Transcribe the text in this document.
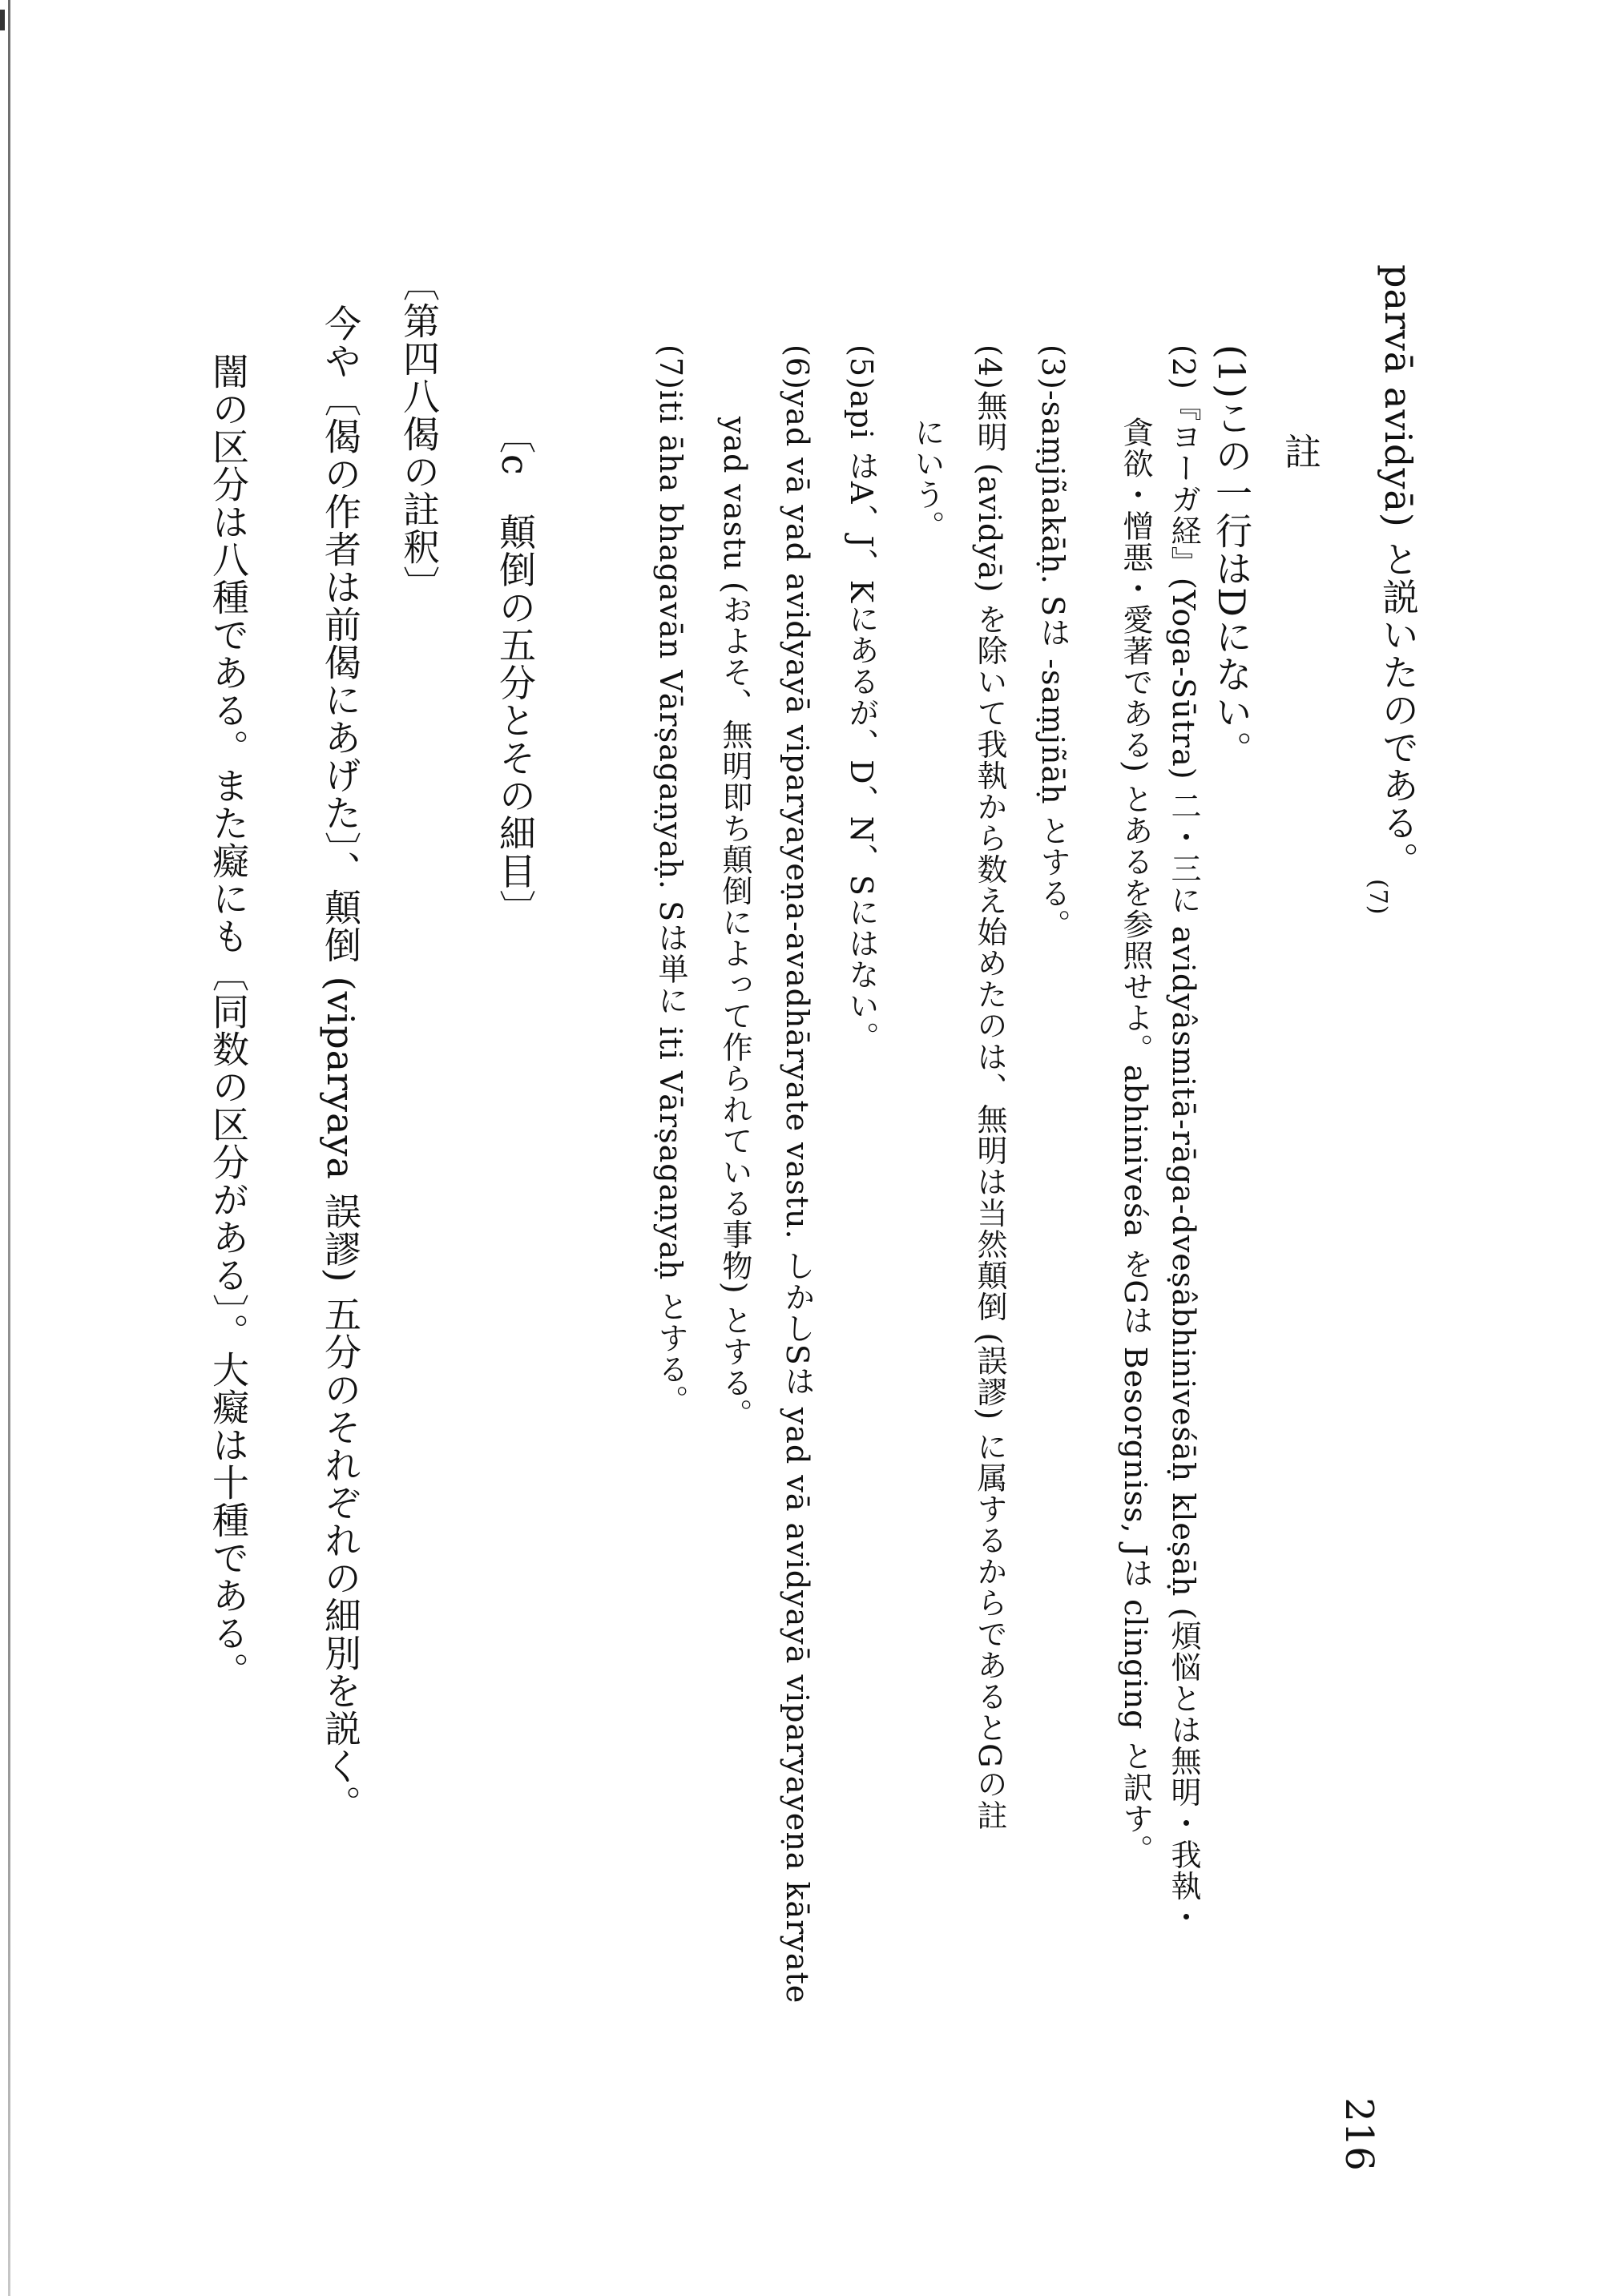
parvā avidyā) と説いたのである。(7)
註
(1)この一行はDにない。
(2)『ヨーガ経』(Yoga-Sūtra) 二・三に avidyâsmitā-rāga-dveṣâbhiniveśāḥ kleṣāḥ (煩悩とは無明・我執・
貪欲・憎悪・愛著である) とあるを参照せよ。abhiniveśa をGは Besorgniss, Jは clinging と訳す。
(3)-saṃjñakāḥ. Sは -saṃjñāḥ とする。
(4)無明 (avidyā) を除いて我執から数え始めたのは、無明は当然顛倒 (誤謬) に属するからであるとGの註
にいう。
(5)api はA、J、Kにあるが、D、N、Sにはない。
(6)yad vā yad avidyayā viparyayeṇa-avadhāryate vastu. しかしSは yad vā avidyayā viparyayeṇa kāryate
yad vastu (およそ、無明即ち顛倒によって作られている事物) とする。
(7)iti āha bhagavān Vārṣagaṇyaḥ. Sは単に iti Vārṣagaṇyaḥ とする。
〔c　顛倒の五分とその細目〕
〔第四八偈の註釈〕
今や〔偈の作者は前偈にあげた〕、顛倒 (viparyaya 誤謬) 五分のそれぞれの細別を説く。
闇の区分は八種である。また癡にも〔同数の区分がある〕。大癡は十種である。
216
